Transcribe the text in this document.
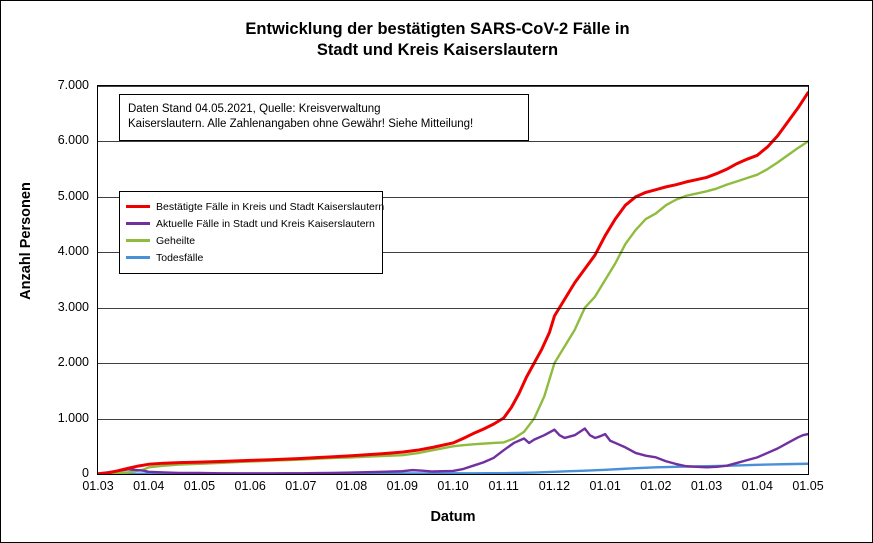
Entwicklung der bestätigten SARS-CoV-2 Fälle in
Stadt und Kreis Kaiserslautern
0
1.000
2.000
3.000
4.000
5.000
6.000
7.000
Anzahl Personen
01.03	01.04	01.05	01.06	01.07	01.08	01.09	01.10	01.11	01.12	01.01	01.02	01.03	01.04	01.05
Datum
Daten Stand 04.05.2021, Quelle: Kreisverwaltung
Kaiserslautern. Alle Zahlenangaben ohne Gewähr! Siehe Mitteilung!
Bestätigte Fälle in Kreis und Stadt Kaiserslautern
Aktuelle Fälle in Stadt und Kreis Kaiserslautern
Geheilte
Todesfälle
